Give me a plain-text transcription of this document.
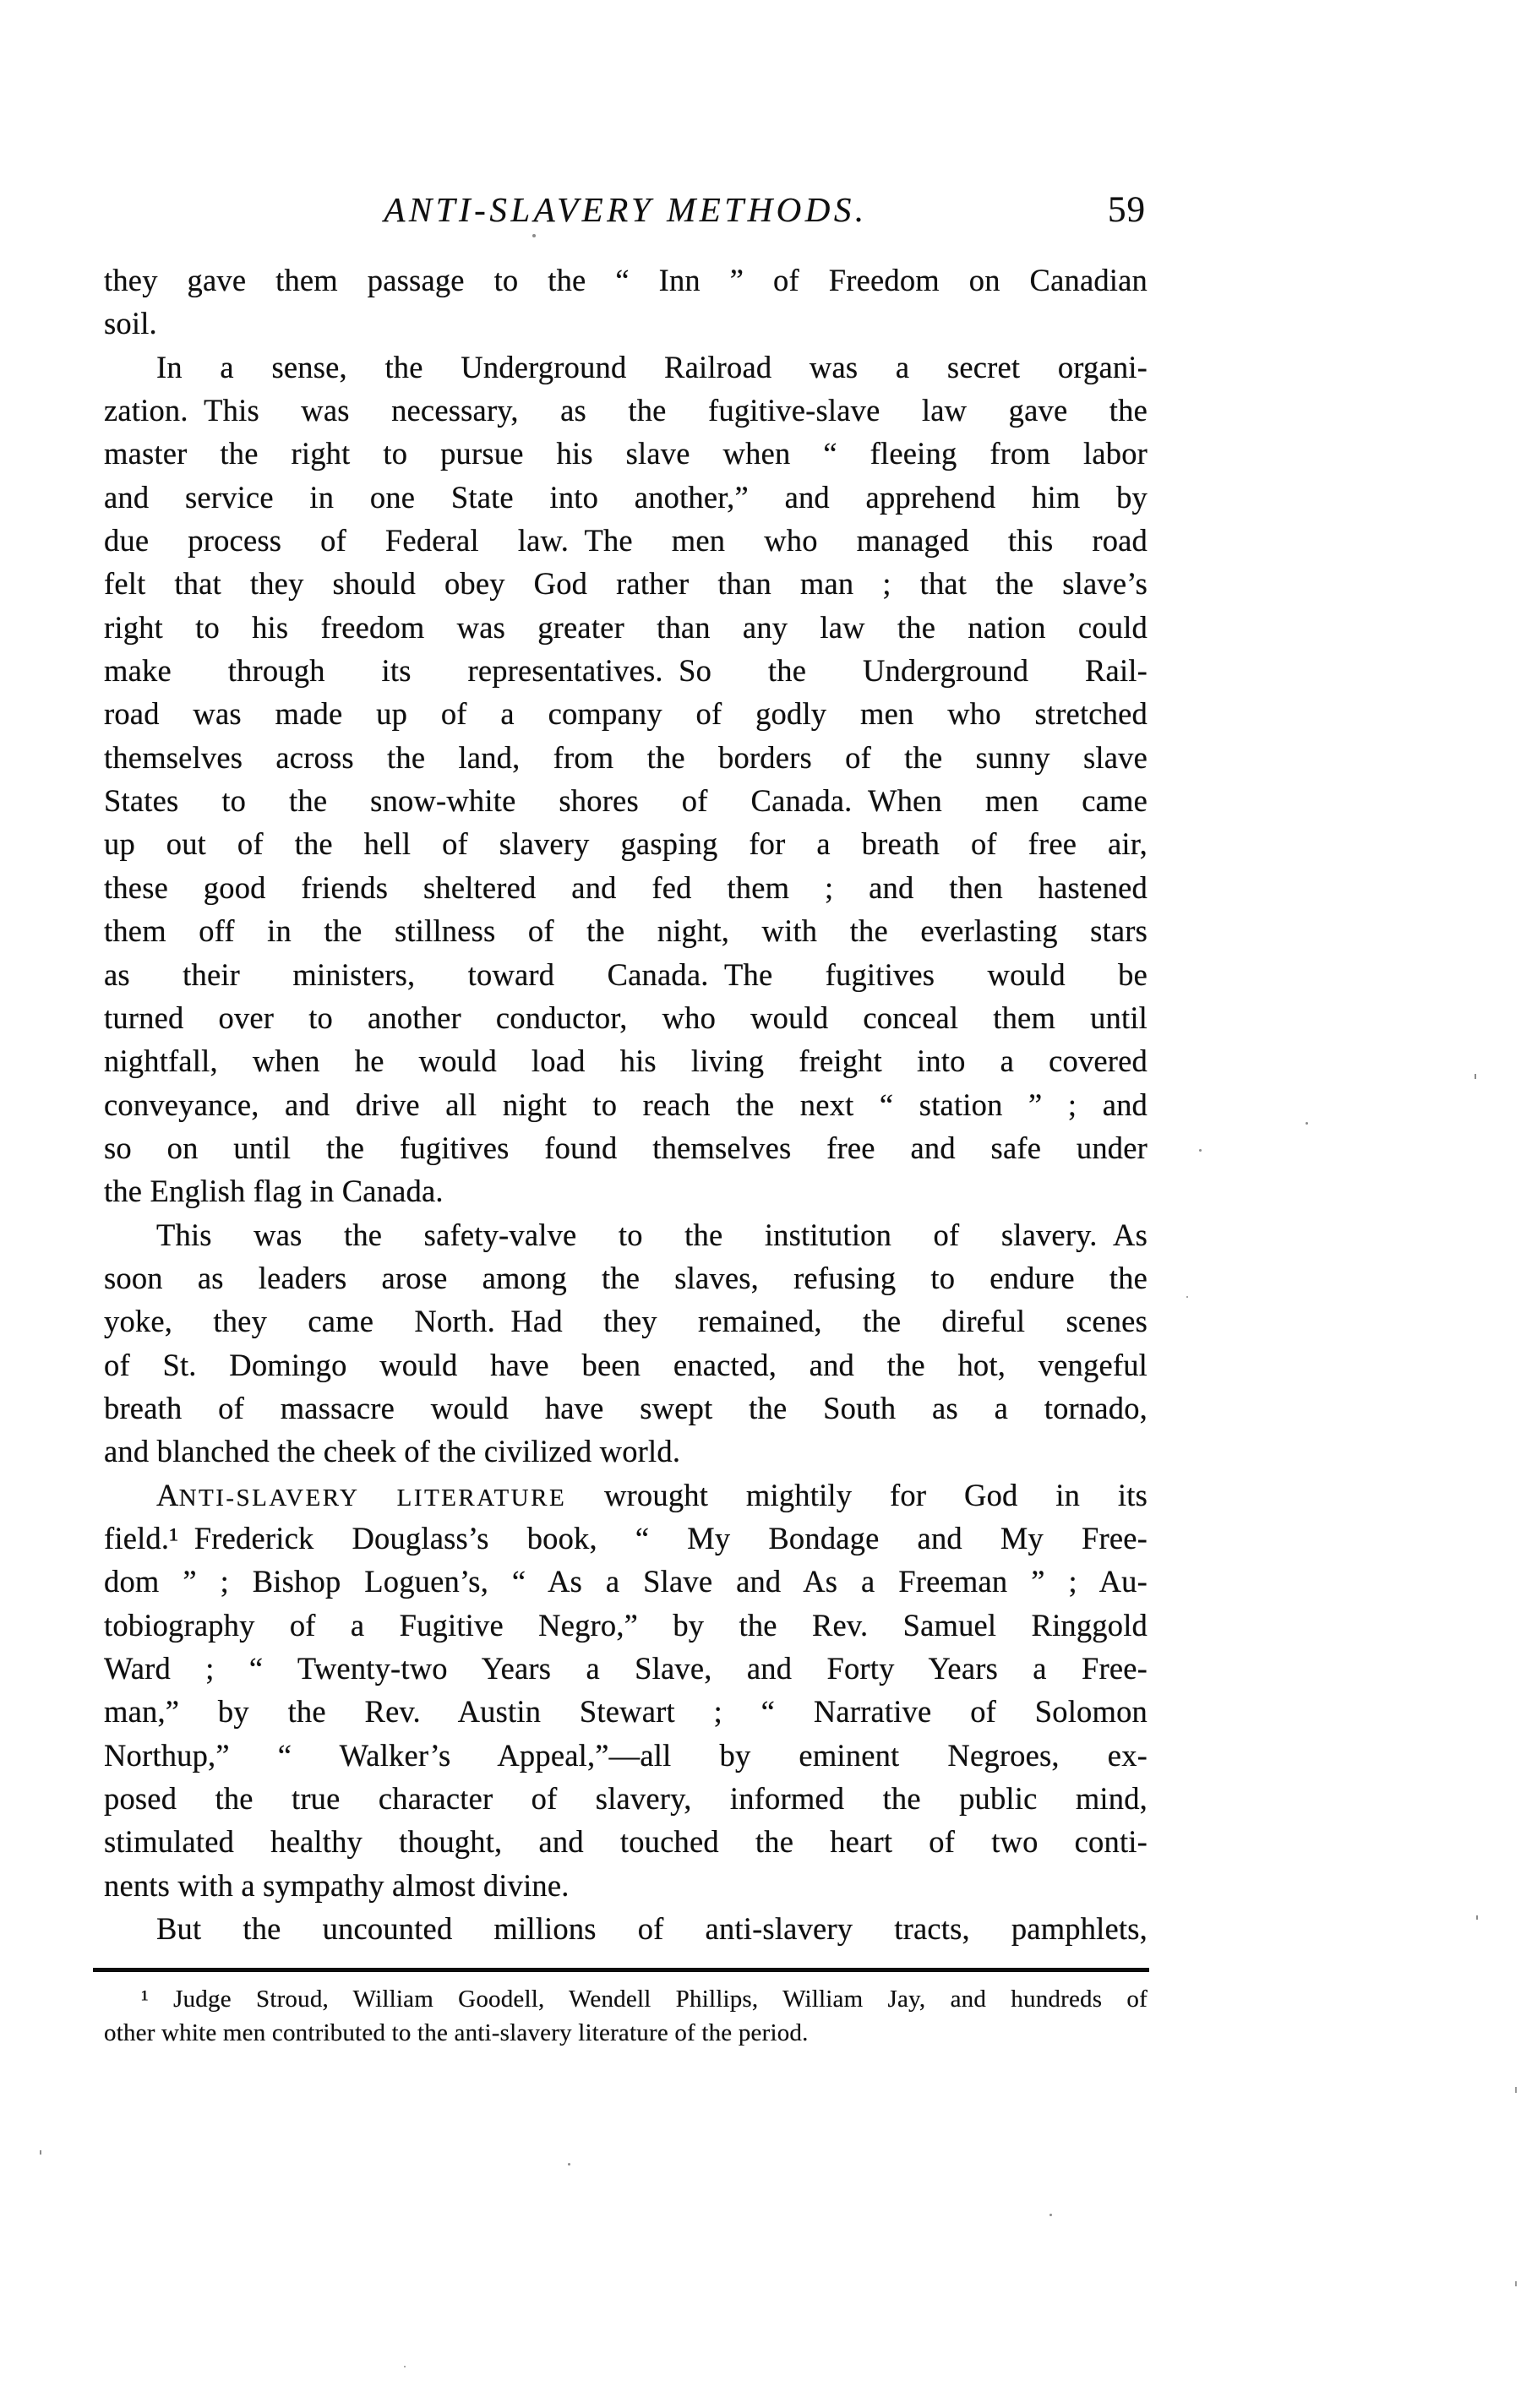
ANTI-SLAVERY METHODS.	59
they gave them passage to the “ Inn ” of Freedom on Canadian
soil.
In a sense, the Underground Railroad was a secret organi-
zation. This was necessary, as the fugitive-slave law gave the
master the right to pursue his slave when “ fleeing from labor
and service in one State into another,” and apprehend him by
due process of Federal law. The men who managed this road
felt that they should obey God rather than man ; that the slave’s
right to his freedom was greater than any law the nation could
make through its representatives. So the Underground Rail-
road was made up of a company of godly men who stretched
themselves across the land, from the borders of the sunny slave
States to the snow-white shores of Canada. When men came
up out of the hell of slavery gasping for a breath of free air,
these good friends sheltered and fed them ; and then hastened
them off in the stillness of the night, with the everlasting stars
as their ministers, toward Canada. The fugitives would be
turned over to another conductor, who would conceal them until
nightfall, when he would load his living freight into a covered
conveyance, and drive all night to reach the next “ station ” ; and
so on until the fugitives found themselves free and safe under
the English flag in Canada.
This was the safety-valve to the institution of slavery. As
soon as leaders arose among the slaves, refusing to endure the
yoke, they came North. Had they remained, the direful scenes
of St. Domingo would have been enacted, and the hot, vengeful
breath of massacre would have swept the South as a tornado,
and blanched the cheek of the civilized world.
ANTI-SLAVERY LITERATURE wrought mightily for God in its
field.¹ Frederick Douglass’s book, “ My Bondage and My Free-
dom ” ; Bishop Loguen’s, “ As a Slave and As a Freeman ” ; Au-
tobiography of a Fugitive Negro,” by the Rev. Samuel Ringgold
Ward ; “ Twenty-two Years a Slave, and Forty Years a Free-
man,” by the Rev. Austin Stewart ; “ Narrative of Solomon
Northup,” “ Walker’s Appeal,”—all by eminent Negroes, ex-
posed the true character of slavery, informed the public mind,
stimulated healthy thought, and touched the heart of two conti-
nents with a sympathy almost divine.
But the uncounted millions of anti-slavery tracts, pamphlets,
¹ Judge Stroud, William Goodell, Wendell Phillips, William Jay, and hundreds of
other white men contributed to the anti-slavery literature of the period.
